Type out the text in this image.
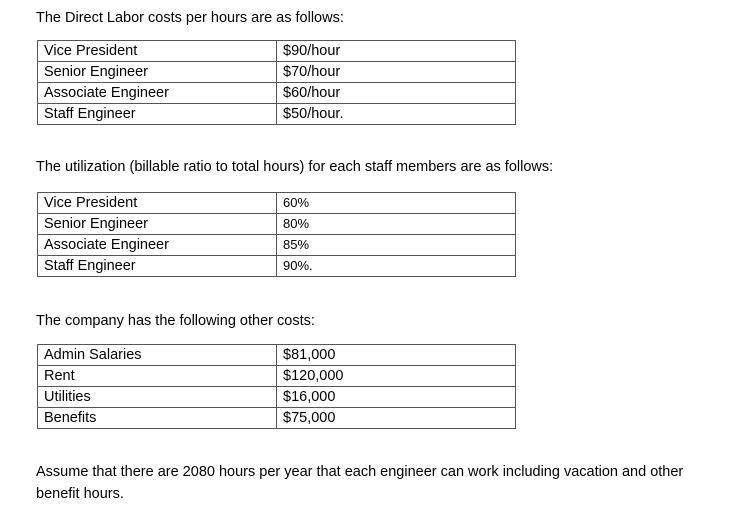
The Direct Labor costs per hours are as follows:

Vice President	$90/hour
Senior Engineer	$70/hour
Associate Engineer	$60/hour
Staff Engineer	$50/hour.

The utilization (billable ratio to total hours) for each staff members are as follows:

Vice President	60%
Senior Engineer	80%
Associate Engineer	85%
Staff Engineer	90%.

The company has the following other costs:

Admin Salaries	$81,000
Rent	$120,000
Utilities	$16,000
Benefits	$75,000

Assume that there are 2080 hours per year that each engineer can work including vacation and other benefit hours.
